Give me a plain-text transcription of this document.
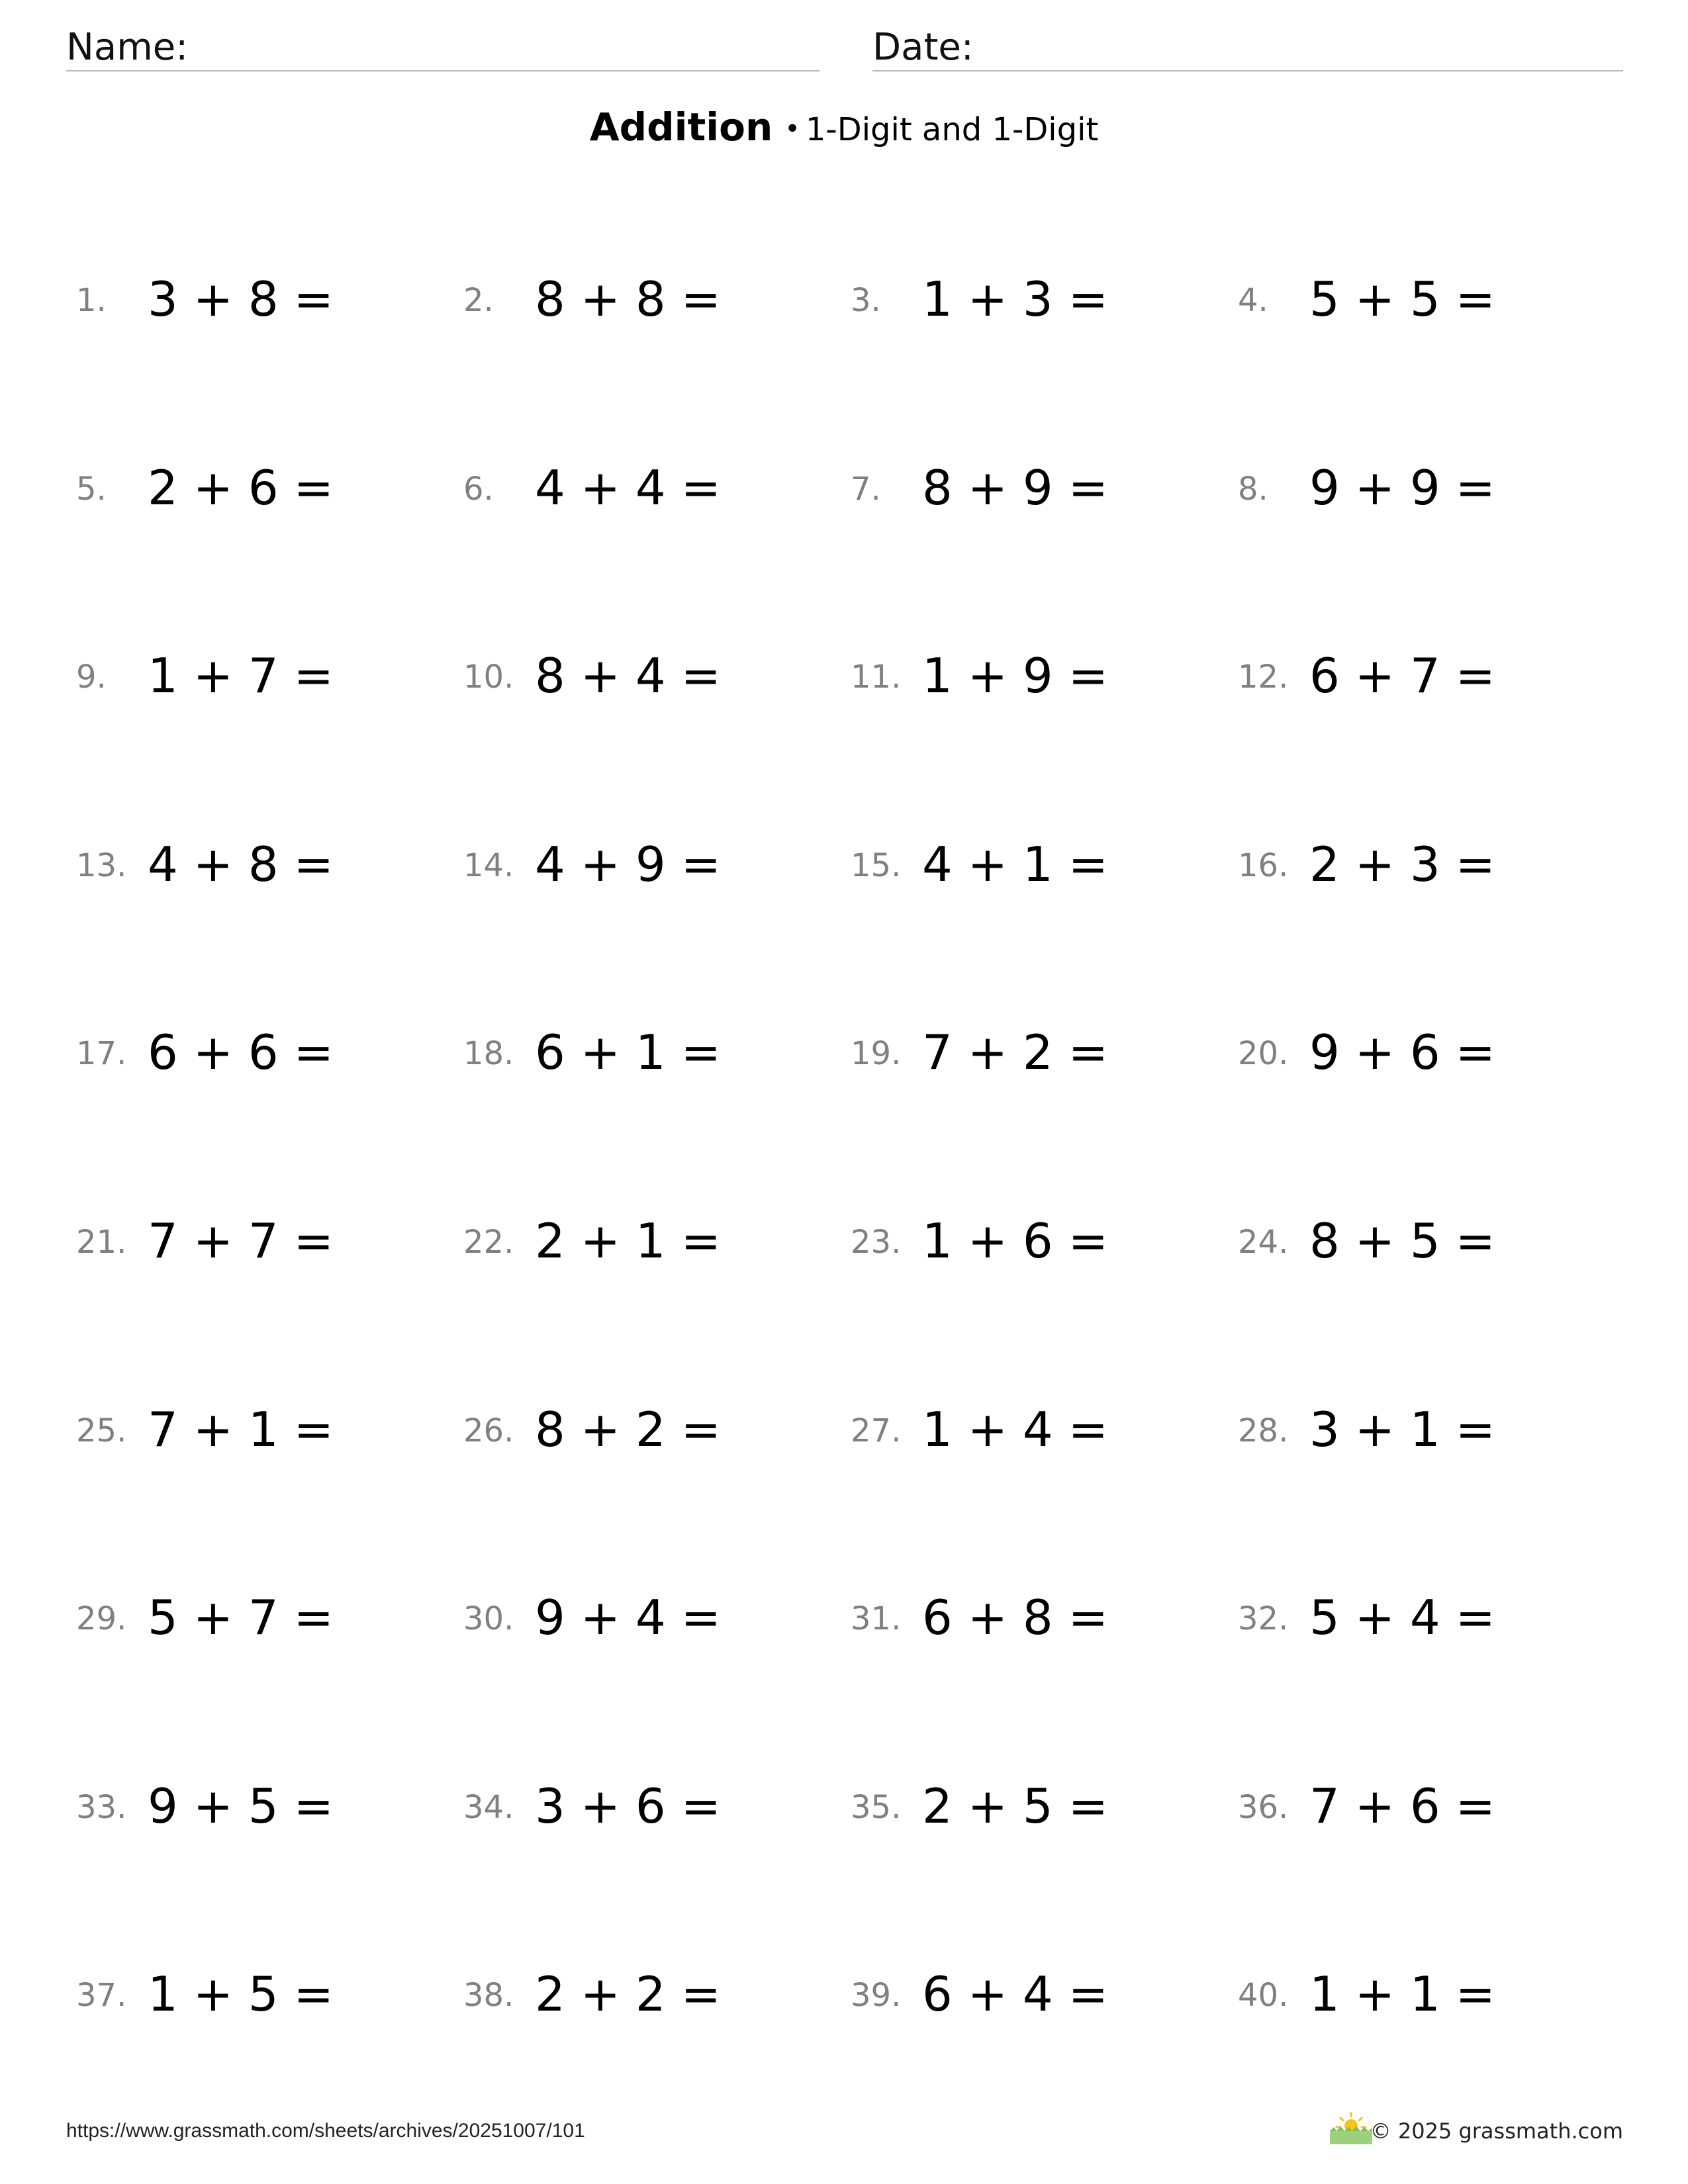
Name:	Date:
Addition • 1-Digit and 1-Digit
1. 3 + 8 =	2. 8 + 8 =	3. 1 + 3 =	4. 5 + 5 =
5. 2 + 6 =	6. 4 + 4 =	7. 8 + 9 =	8. 9 + 9 =
9. 1 + 7 =	10. 8 + 4 =	11. 1 + 9 =	12. 6 + 7 =
13. 4 + 8 =	14. 4 + 9 =	15. 4 + 1 =	16. 2 + 3 =
17. 6 + 6 =	18. 6 + 1 =	19. 7 + 2 =	20. 9 + 6 =
21. 7 + 7 =	22. 2 + 1 =	23. 1 + 6 =	24. 8 + 5 =
25. 7 + 1 =	26. 8 + 2 =	27. 1 + 4 =	28. 3 + 1 =
29. 5 + 7 =	30. 9 + 4 =	31. 6 + 8 =	32. 5 + 4 =
33. 9 + 5 =	34. 3 + 6 =	35. 2 + 5 =	36. 7 + 6 =
37. 1 + 5 =	38. 2 + 2 =	39. 6 + 4 =	40. 1 + 1 =
https://www.grassmath.com/sheets/archives/20251007/101	© 2025 grassmath.com
